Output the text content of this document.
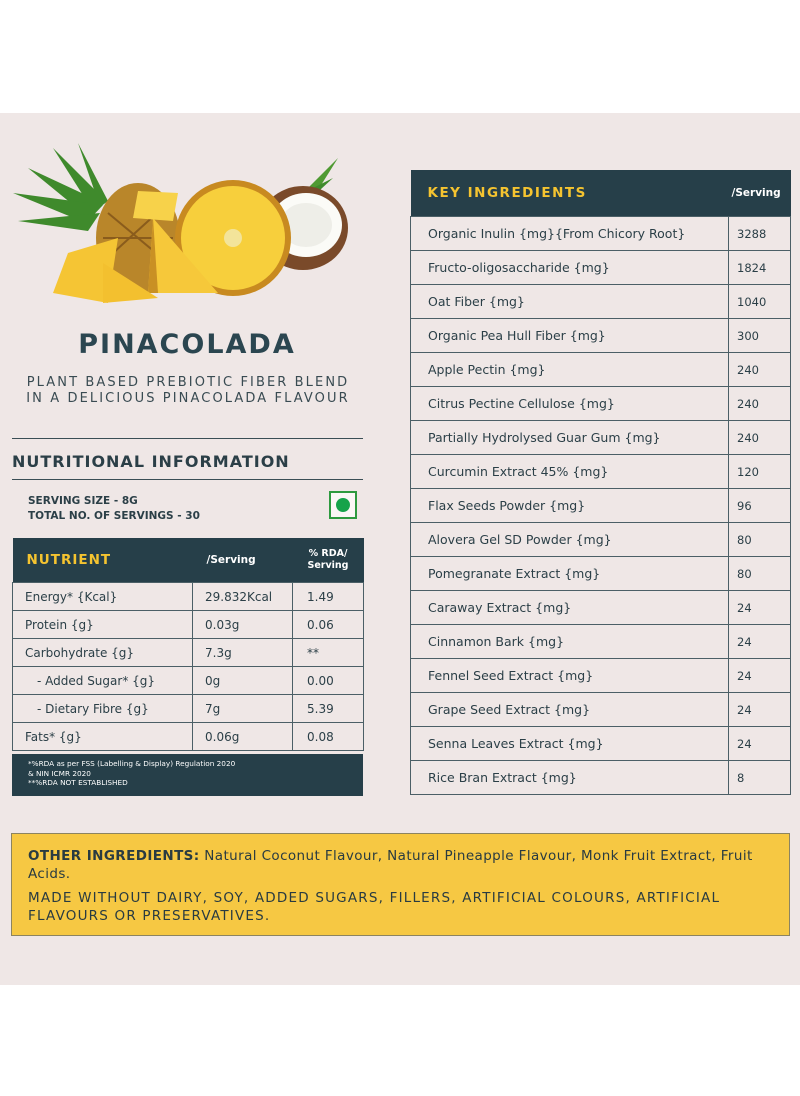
PINACOLADA
PLANT BASED PREBIOTIC FIBER BLEND
IN A DELICIOUS PINACOLADA FLAVOUR
NUTRITIONAL INFORMATION
SERVING SIZE - 8G
TOTAL NO. OF SERVINGS - 30
NUTRIENT	/Serving	% RDA/
Serving

Energy* {Kcal}	29.832Kcal	1.49
Protein {g}	0.03g	0.06
Carbohydrate {g}	7.3g	**
- Added Sugar* {g}	0g	0.00
- Dietary Fibre {g}	7g	5.39
Fats* {g}	0.06g	0.08
*%RDA as per FSS (Labelling & Display) Regulation 2020
& NIN ICMR 2020
**%RDA NOT ESTABLISHED
KEY INGREDIENTS	/Serving
Organic Inulin {mg}{From Chicory Root}	3288
Fructo-oligosaccharide {mg}	1824
Oat Fiber {mg}	1040
Organic Pea Hull Fiber {mg}	300
Apple Pectin {mg}	240
Citrus Pectine Cellulose {mg}	240
Partially Hydrolysed Guar Gum {mg}	240
Curcumin Extract 45% {mg}	120
Flax Seeds Powder {mg}	96
Alovera Gel SD Powder {mg}	80
Pomegranate Extract {mg}	80
Caraway Extract {mg}	24
Cinnamon Bark {mg}	24
Fennel Seed Extract {mg}	24
Grape Seed Extract {mg}	24
Senna Leaves Extract {mg}	24
Rice Bran Extract {mg}	8
OTHER INGREDIENTS: Natural Coconut Flavour, Natural Pineapple Flavour, Monk Fruit Extract, Fruit Acids.
MADE WITHOUT DAIRY, SOY, ADDED SUGARS, FILLERS, ARTIFICIAL COLOURS, ARTIFICIAL FLAVOURS OR PRESERVATIVES.
